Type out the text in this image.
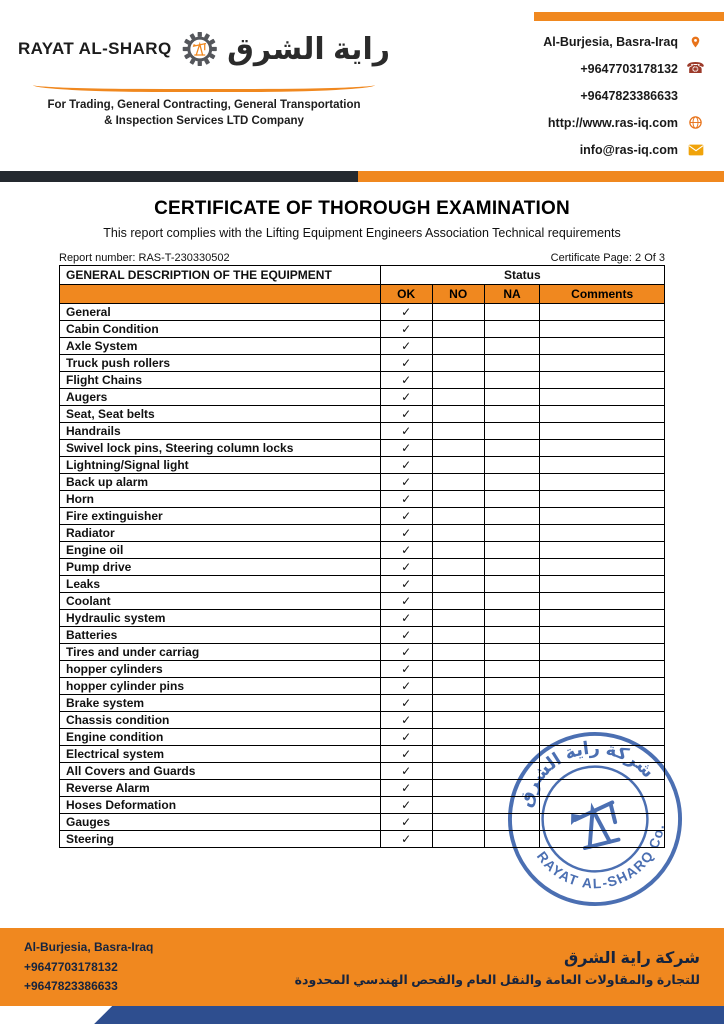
RAYAT AL-SHARQ راية الشرق
For Trading, General Contracting, General Transportation
& Inspection Services LTD Company
Al-Burjesia, Basra-Iraq
+9647703178132 ☎
+9647823386633
http://www.ras-iq.com
info@ras-iq.com
CERTIFICATE OF THOROUGH EXAMINATION

This report complies with the Lifting Equipment Engineers Association Technical requirements

Report number: RAS-T-230330502	Certificate Page: 2 Of 3
GENERAL DESCRIPTION OF THE EQUIPMENT	Status			
	OK	NO	NA	Comments
General	✓			
Cabin Condition	✓			
Axle System	✓			
Truck push rollers	✓			
Flight Chains	✓			
Augers	✓			
Seat, Seat belts	✓			
Handrails	✓			
Swivel lock pins, Steering column locks	✓			
Lightning/Signal light	✓			
Back up alarm	✓			
Horn	✓			
Fire extinguisher	✓			
Radiator	✓			
Engine oil	✓			
Pump drive	✓			
Leaks	✓			
Coolant	✓			
Hydraulic system	✓			
Batteries	✓			
Tires and under carriag	✓			
hopper cylinders	✓			
hopper cylinder pins	✓			
Brake system	✓			
Chassis condition	✓			
Engine condition	✓			
Electrical system	✓			
All Covers and Guards	✓			
Reverse Alarm	✓			
Hoses Deformation	✓			
Gauges	✓			
Steering	✓			
شركة راية الشرق
RAYAT AL-SHARQ Co.
Al-Burjesia, Basra-Iraq
+9647703178132
+9647823386633
شركة راية الشرق
للتجارة والمقاولات العامة والنقل العام والفحص الهندسي المحدودة
